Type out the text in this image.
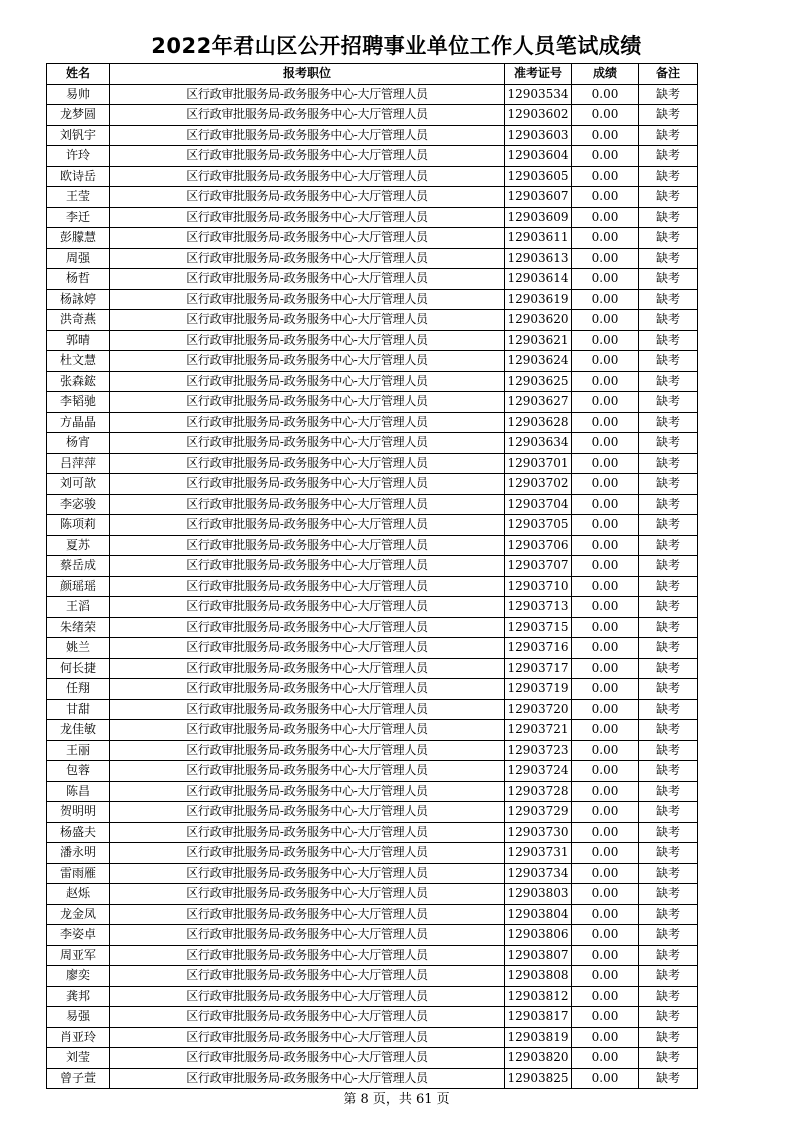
2022年君山区公开招聘事业单位工作人员笔试成绩
姓名	报考职位	准考证号	成绩	备注
易帅	区行政审批服务局-政务服务中心-大厅管理人员	12903534	0.00	缺考
龙梦圆	区行政审批服务局-政务服务中心-大厅管理人员	12903602	0.00	缺考
刘钒宇	区行政审批服务局-政务服务中心-大厅管理人员	12903603	0.00	缺考
许玲	区行政审批服务局-政务服务中心-大厅管理人员	12903604	0.00	缺考
欧诗岳	区行政审批服务局-政务服务中心-大厅管理人员	12903605	0.00	缺考
王莹	区行政审批服务局-政务服务中心-大厅管理人员	12903607	0.00	缺考
李迁	区行政审批服务局-政务服务中心-大厅管理人员	12903609	0.00	缺考
彭朦慧	区行政审批服务局-政务服务中心-大厅管理人员	12903611	0.00	缺考
周强	区行政审批服务局-政务服务中心-大厅管理人员	12903613	0.00	缺考
杨哲	区行政审批服务局-政务服务中心-大厅管理人员	12903614	0.00	缺考
杨詠婷	区行政审批服务局-政务服务中心-大厅管理人员	12903619	0.00	缺考
洪奇燕	区行政审批服务局-政务服务中心-大厅管理人员	12903620	0.00	缺考
郭晴	区行政审批服务局-政务服务中心-大厅管理人员	12903621	0.00	缺考
杜文慧	区行政审批服务局-政务服务中心-大厅管理人员	12903624	0.00	缺考
张森鋐	区行政审批服务局-政务服务中心-大厅管理人员	12903625	0.00	缺考
李韬驰	区行政审批服务局-政务服务中心-大厅管理人员	12903627	0.00	缺考
方晶晶	区行政审批服务局-政务服务中心-大厅管理人员	12903628	0.00	缺考
杨宵	区行政审批服务局-政务服务中心-大厅管理人员	12903634	0.00	缺考
吕萍萍	区行政审批服务局-政务服务中心-大厅管理人员	12903701	0.00	缺考
刘可歆	区行政审批服务局-政务服务中心-大厅管理人员	12903702	0.00	缺考
李宓骏	区行政审批服务局-政务服务中心-大厅管理人员	12903704	0.00	缺考
陈项莉	区行政审批服务局-政务服务中心-大厅管理人员	12903705	0.00	缺考
夏苏	区行政审批服务局-政务服务中心-大厅管理人员	12903706	0.00	缺考
蔡岳成	区行政审批服务局-政务服务中心-大厅管理人员	12903707	0.00	缺考
颜瑶瑶	区行政审批服务局-政务服务中心-大厅管理人员	12903710	0.00	缺考
王滔	区行政审批服务局-政务服务中心-大厅管理人员	12903713	0.00	缺考
朱绪荣	区行政审批服务局-政务服务中心-大厅管理人员	12903715	0.00	缺考
姚兰	区行政审批服务局-政务服务中心-大厅管理人员	12903716	0.00	缺考
何长捷	区行政审批服务局-政务服务中心-大厅管理人员	12903717	0.00	缺考
任翔	区行政审批服务局-政务服务中心-大厅管理人员	12903719	0.00	缺考
甘甜	区行政审批服务局-政务服务中心-大厅管理人员	12903720	0.00	缺考
龙佳敏	区行政审批服务局-政务服务中心-大厅管理人员	12903721	0.00	缺考
王丽	区行政审批服务局-政务服务中心-大厅管理人员	12903723	0.00	缺考
包蓉	区行政审批服务局-政务服务中心-大厅管理人员	12903724	0.00	缺考
陈昌	区行政审批服务局-政务服务中心-大厅管理人员	12903728	0.00	缺考
贺明明	区行政审批服务局-政务服务中心-大厅管理人员	12903729	0.00	缺考
杨盛夫	区行政审批服务局-政务服务中心-大厅管理人员	12903730	0.00	缺考
潘永明	区行政审批服务局-政务服务中心-大厅管理人员	12903731	0.00	缺考
雷雨雁	区行政审批服务局-政务服务中心-大厅管理人员	12903734	0.00	缺考
赵烁	区行政审批服务局-政务服务中心-大厅管理人员	12903803	0.00	缺考
龙金凤	区行政审批服务局-政务服务中心-大厅管理人员	12903804	0.00	缺考
李姿卓	区行政审批服务局-政务服务中心-大厅管理人员	12903806	0.00	缺考
周亚军	区行政审批服务局-政务服务中心-大厅管理人员	12903807	0.00	缺考
廖奕	区行政审批服务局-政务服务中心-大厅管理人员	12903808	0.00	缺考
龚邦	区行政审批服务局-政务服务中心-大厅管理人员	12903812	0.00	缺考
易强	区行政审批服务局-政务服务中心-大厅管理人员	12903817	0.00	缺考
肖亚玲	区行政审批服务局-政务服务中心-大厅管理人员	12903819	0.00	缺考
刘莹	区行政审批服务局-政务服务中心-大厅管理人员	12903820	0.00	缺考
曾子萱	区行政审批服务局-政务服务中心-大厅管理人员	12903825	0.00	缺考
第 8 页，共 61 页
